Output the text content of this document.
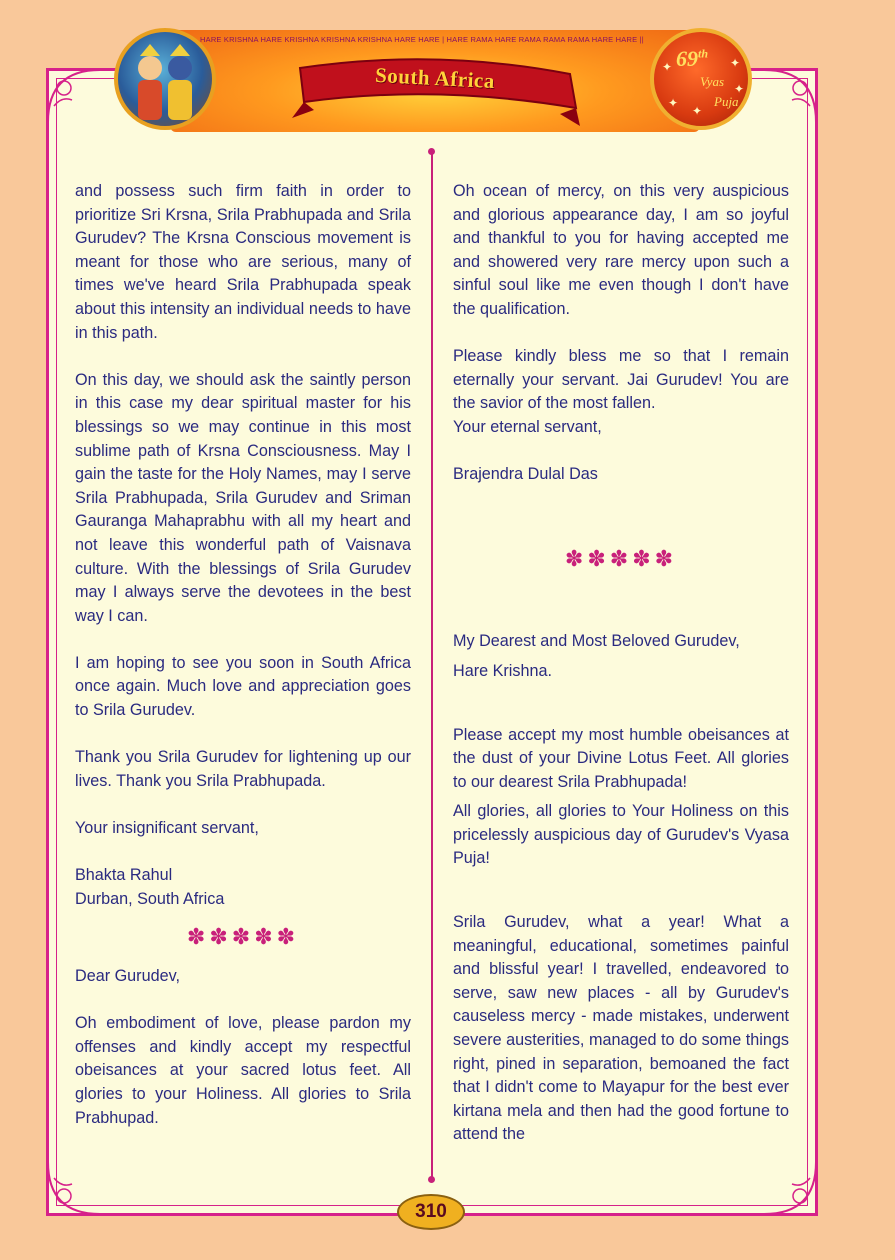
HARE KRISHNA HARE KRISHNA KRISHNA KRISHNA HARE HARE | HARE RAMA HARE RAMA RAMA RAMA HARE HARE ||
South Africa
69th
Vyas
Puja
✦	✦
✦
✦
✦

and possess such firm faith in order to prioritize Sri Krsna, Srila Prabhupada and Srila Gurudev? The Krsna Conscious movement is meant for those who are serious, many of times we've heard Srila Prabhupada speak about this intensity an individual needs to have in this path.

On this day, we should ask the saintly person in this case my dear spiritual master for his blessings so we may continue in this most sublime path of Krsna Consciousness. May I gain the taste for the Holy Names, may I serve Srila Prabhupada, Srila Gurudev and Sriman Gauranga Mahaprabhu with all my heart and not leave this wonderful path of Vaisnava culture. With the blessings of Srila Gurudev may I always serve the devotees in the best way I can.

I am hoping to see you soon in South Africa once again. Much love and appreciation goes to Srila Gurudev.

Thank you Srila Gurudev for lightening up our lives. Thank you Srila Prabhupada.

Your insignificant servant,

Bhakta Rahul

Durban, South Africa

✽✽✽✽✽

Dear Gurudev,

Oh embodiment of love, please pardon my offenses and kindly accept my respectful obeisances at your sacred lotus feet. All glories to your Holiness. All glories to Srila Prabhupad.

Oh ocean of mercy, on this very auspicious and glorious appearance day, I am so joyful and thankful to you for having accepted me and showered very rare mercy upon such a sinful soul like me even though I don't have the qualification.

Please kindly bless me so that I remain eternally your servant. Jai Gurudev! You are the savior of the most fallen.

Your eternal servant,

Brajendra Dulal Das

✽✽✽✽✽

My Dearest and Most Beloved Gurudev,

Hare Krishna.

Please accept my most humble obeisances at the dust of your Divine Lotus Feet. All glories to our dearest Srila Prabhupada!

All glories, all glories to Your Holiness on this pricelessly auspicious day of Gurudev's Vyasa Puja!

Srila Gurudev, what a year! What a meaningful, educational, sometimes painful and blissful year! I travelled, endeavored to serve, saw new places - all by Gurudev's causeless mercy - made mistakes, underwent severe austerities, managed to do some things right, pined in separation, bemoaned the fact that I didn't come to Mayapur for the best ever kirtana mela and then had the good fortune to attend the

310
